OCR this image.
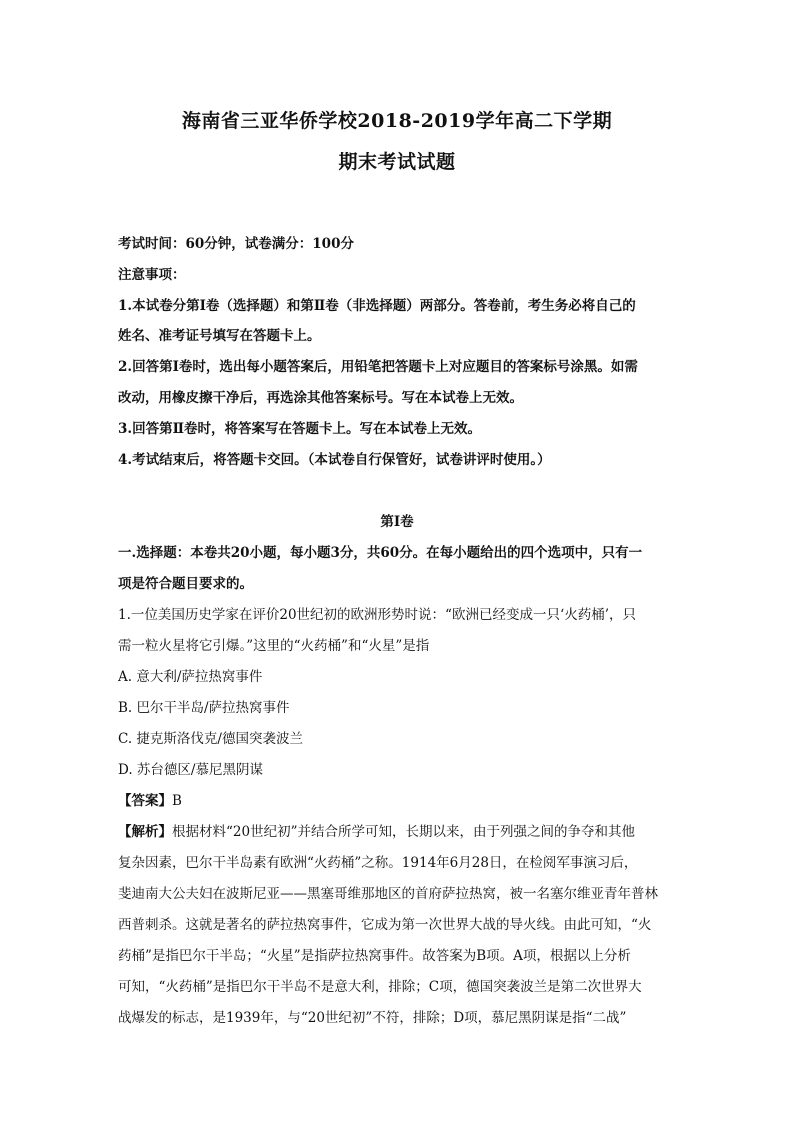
海南省三亚华侨学校2018-2019学年高二下学期
期末考试试题
考试时间：60分钟，试卷满分：100分
注意事项：
1.本试卷分第Ⅰ卷（选择题）和第Ⅱ卷（非选择题）两部分。答卷前，考生务必将自己的
姓名、准考证号填写在答题卡上。
2.回答第Ⅰ卷时，选出每小题答案后，用铅笔把答题卡上对应题目的答案标号涂黑。如需
改动，用橡皮擦干净后，再选涂其他答案标号。写在本试卷上无效。
3.回答第Ⅱ卷时，将答案写在答题卡上。写在本试卷上无效。
4.考试结束后，将答题卡交回。（本试卷自行保管好，试卷讲评时使用。）
第Ⅰ卷
一.选择题：本卷共20小题，每小题3分，共60分。在每小题给出的四个选项中，只有一
项是符合题目要求的。
1.一位美国历史学家在评价20世纪初的欧洲形势时说：“欧洲已经变成一只‘火药桶’，只
需一粒火星将它引爆。”这里的“火药桶”和“火星”是指
A. 意大利/萨拉热窝事件
B. 巴尔干半岛/萨拉热窝事件
C. 捷克斯洛伐克/德国突袭波兰
D. 苏台德区/慕尼黑阴谋
【答案】B
【解析】根据材料“20世纪初”并结合所学可知，长期以来，由于列强之间的争夺和其他
复杂因素，巴尔干半岛素有欧洲“火药桶”之称。1914年6月28日，在检阅军事演习后，
斐迪南大公夫妇在波斯尼亚——黑塞哥维那地区的首府萨拉热窝，被一名塞尔维亚青年普林
西普刺杀。这就是著名的萨拉热窝事件，它成为第一次世界大战的导火线。由此可知，“火
药桶”是指巴尔干半岛；“火星”是指萨拉热窝事件。故答案为B项。A项，根据以上分析
可知，“火药桶”是指巴尔干半岛不是意大利，排除；C项，德国突袭波兰是第二次世界大
战爆发的标志，是1939年，与“20世纪初”不符，排除；D项，慕尼黑阴谋是指“二战”
